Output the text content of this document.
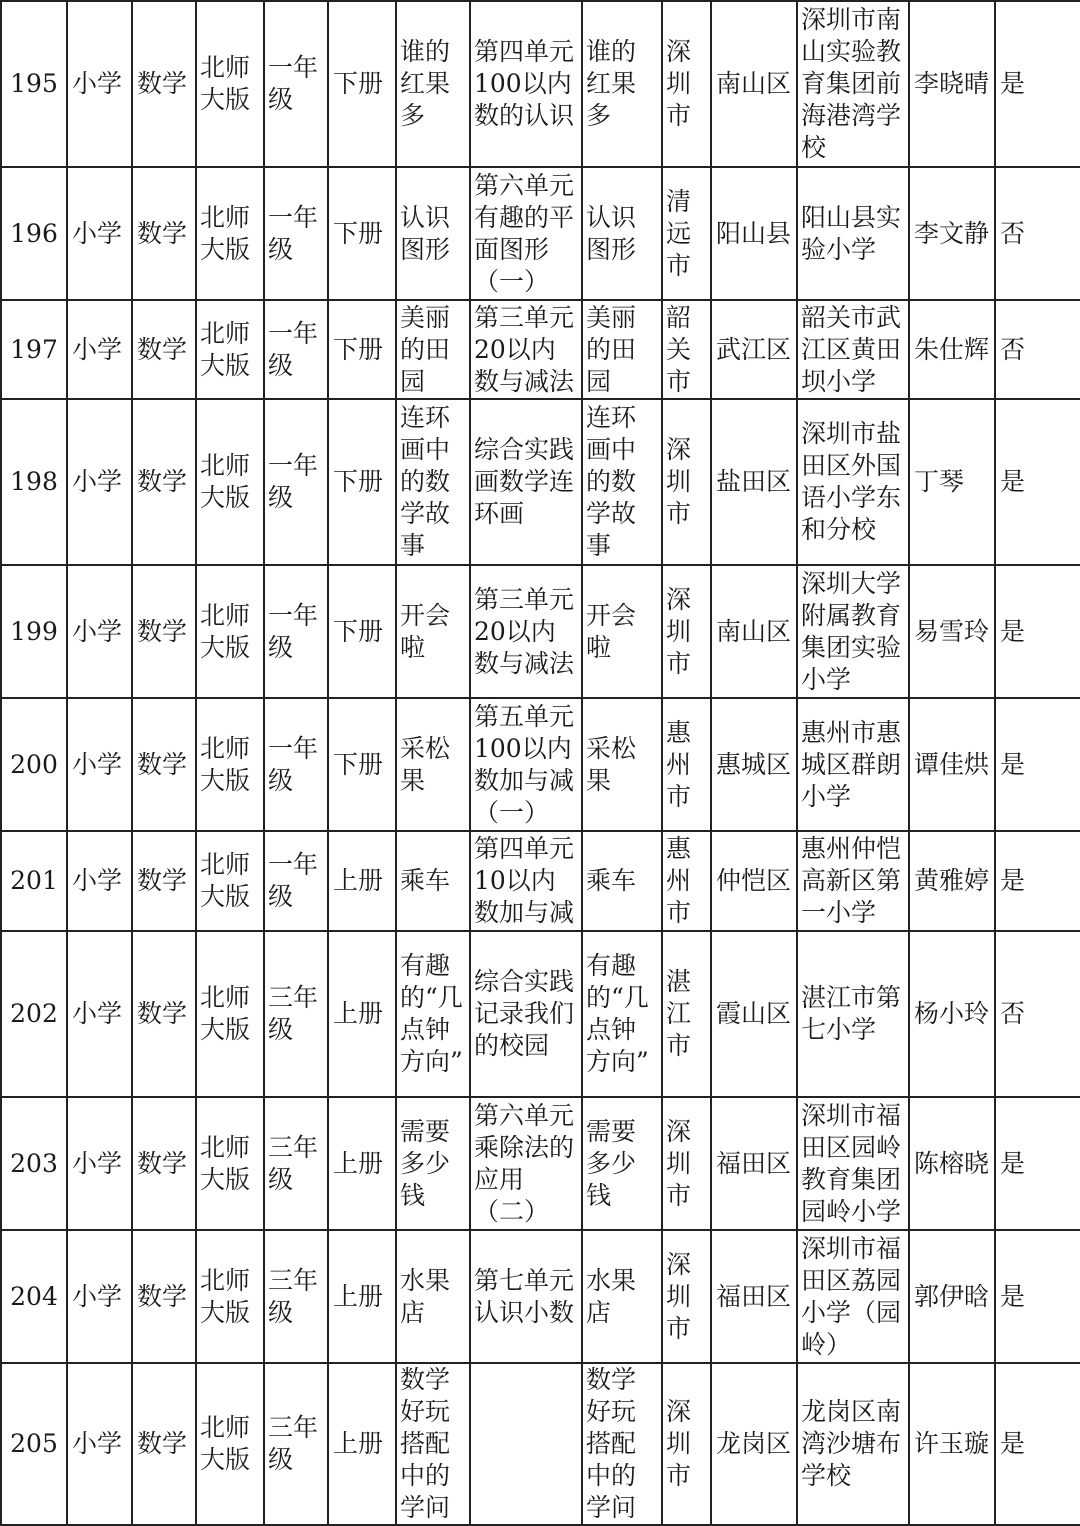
195	小学	数学	北师大版	一年级	下册	谁的红果多	第四单元100以内数的认识	谁的红果多	深圳市	南山区	深圳市南山实验教育集团前海港湾学校	李晓晴	是
196	小学	数学	北师大版	一年级	下册	认识图形	第六单元有趣的平面图形（一）	认识图形	清远市	阳山县	阳山县实验小学	李文静	否
197	小学	数学	北师大版	一年级	下册	美丽的田园	第三单元20以内数与减法	美丽的田园	韶关市	武江区	韶关市武江区黄田坝小学	朱仕辉	否
198	小学	数学	北师大版	一年级	下册	连环画中的数学故事	综合实践画数学连环画	连环画中的数学故事	深圳市	盐田区	深圳市盐田区外国语小学东和分校	丁琴	是
199	小学	数学	北师大版	一年级	下册	开会啦	第三单元20以内数与减法	开会啦	深圳市	南山区	深圳大学附属教育集团实验小学	易雪玲	是
200	小学	数学	北师大版	一年级	下册	采松果	第五单元100以内数加与减（一）	采松果	惠州市	惠城区	惠州市惠城区群朗小学	谭佳烘	是
201	小学	数学	北师大版	一年级	上册	乘车	第四单元10以内数加与减	乘车	惠州市	仲恺区	惠州仲恺高新区第一小学	黄雅婷	是
202	小学	数学	北师大版	三年级	上册	有趣的“几点钟方向”	综合实践记录我们的校园	有趣的“几点钟方向”	湛江市	霞山区	湛江市第七小学	杨小玲	否
203	小学	数学	北师大版	三年级	上册	需要多少钱	第六单元乘除法的应用（二）	需要多少钱	深圳市	福田区	深圳市福田区园岭教育集团园岭小学	陈榕晓	是
204	小学	数学	北师大版	三年级	上册	水果店	第七单元认识小数	水果店	深圳市	福田区	深圳市福田区荔园小学（园岭）	郭伊晗	是
205	小学	数学	北师大版	三年级	上册	数学好玩搭配中的学问		数学好玩搭配中的学问	深圳市	龙岗区	龙岗区南湾沙塘布学校	许玉璇	是
